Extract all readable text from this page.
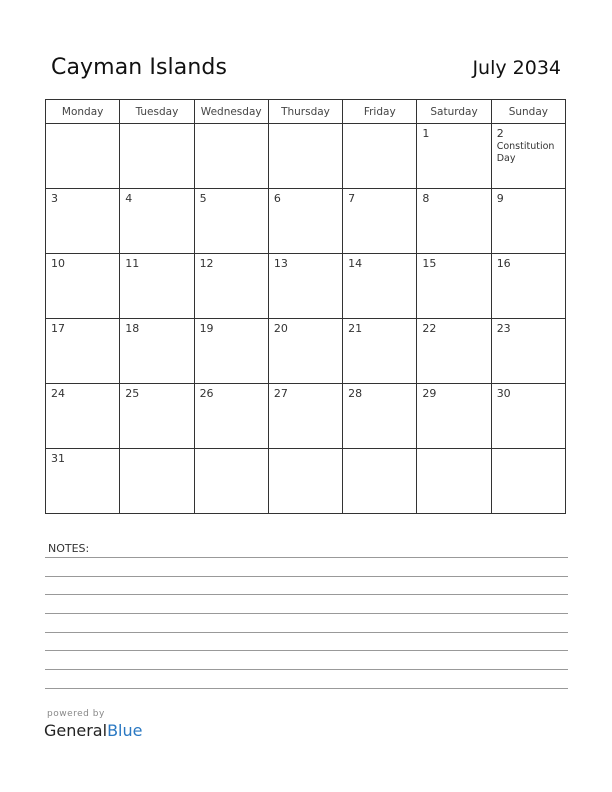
Cayman Islands	July 2034
Monday	Tuesday	Wednesday	Thursday	Friday	Saturday	Sunday

					1	2
Constitution Day

3	4	5	6	7	8	9

10	11	12	13	14	15	16

17	18	19	20	21	22	23

24	25	26	27	28	29	30

31						

NOTES:
powered by
GeneralBlue
